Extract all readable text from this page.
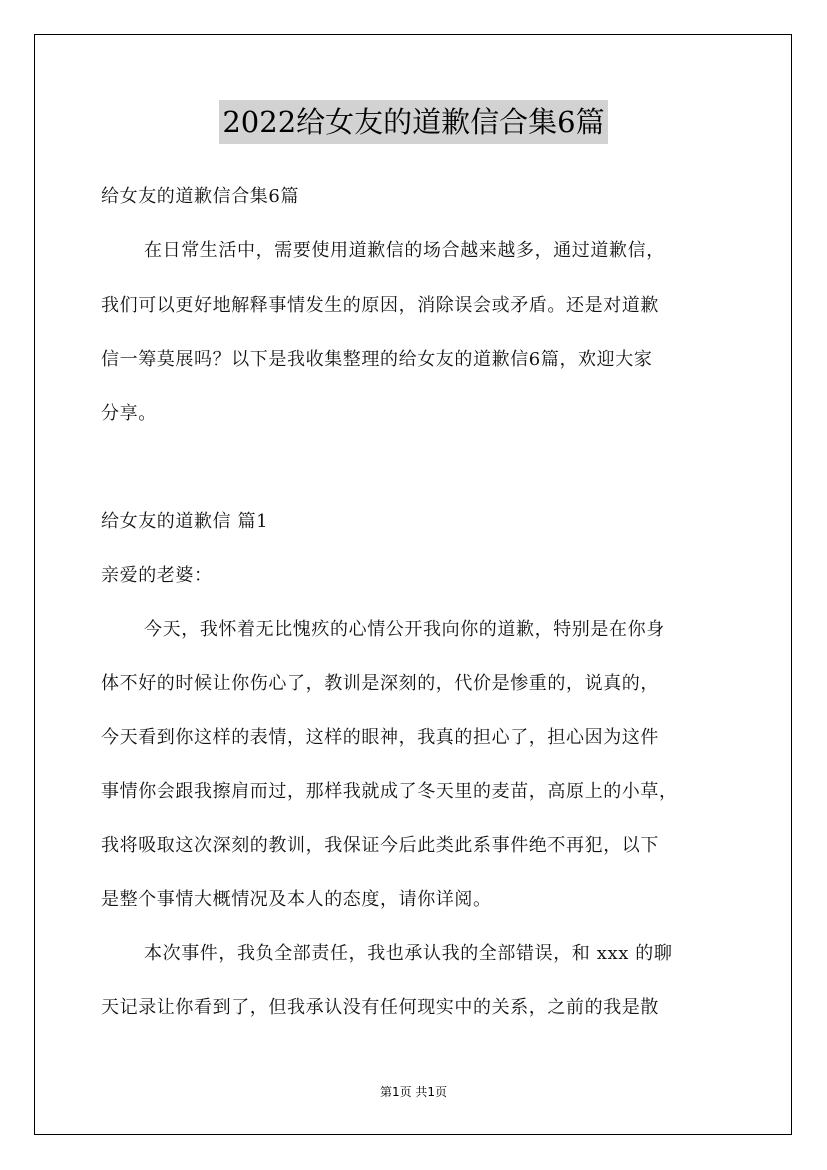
2022给女友的道歉信合集6篇
给女友的道歉信合集6篇
在日常生活中，需要使用道歉信的场合越来越多，通过道歉信，
我们可以更好地解释事情发生的原因，消除误会或矛盾。还是对道歉
信一筹莫展吗？以下是我收集整理的给女友的道歉信6篇，欢迎大家
分享。
给女友的道歉信 篇1
亲爱的老婆：
今天，我怀着无比愧疚的心情公开我向你的道歉，特别是在你身
体不好的时候让你伤心了，教训是深刻的，代价是惨重的，说真的，
今天看到你这样的表情，这样的眼神，我真的担心了，担心因为这件
事情你会跟我擦肩而过，那样我就成了冬天里的麦苗，高原上的小草，
我将吸取这次深刻的教训，我保证今后此类此系事件绝不再犯，以下
是整个事情大概情况及本人的态度，请你详阅。
本次事件，我负全部责任，我也承认我的全部错误，和 xxx 的聊
天记录让你看到了，但我承认没有任何现实中的关系，之前的我是散
第1页 共1页
